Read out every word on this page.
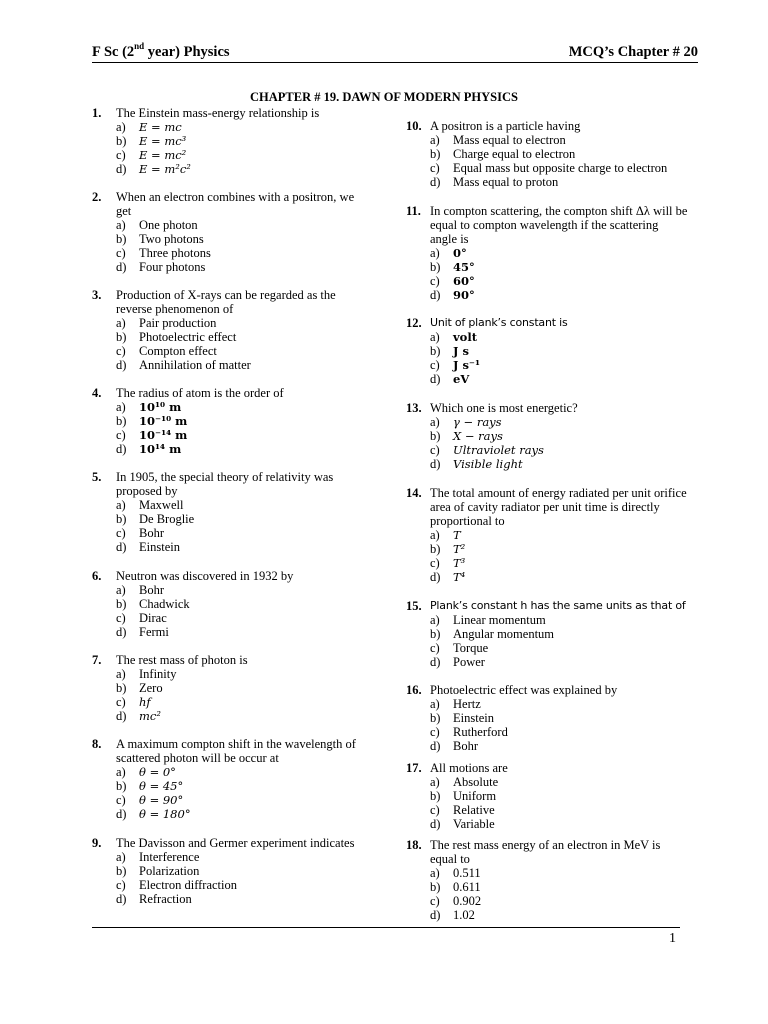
F Sc (2nd year) Physics	MCQ’s Chapter # 20
CHAPTER # 19. DAWN OF MODERN PHYSICS
1. The Einstein mass-energy relationship is
a) E = mc
b) E = mc³
c) E = mc²
d) E = m²c²
2. When an electron combines with a positron, we get
a) One photon
b) Two photons
c) Three photons
d) Four photons
3. Production of X-rays can be regarded as the reverse phenomenon of
a) Pair production
b) Photoelectric effect
c) Compton effect
d) Annihilation of matter
4. The radius of atom is the order of
a) 10¹⁰ m
b) 10⁻¹⁰ m
c) 10⁻¹⁴ m
d) 10¹⁴ m
5. In 1905, the special theory of relativity was proposed by
a) Maxwell
b) De Broglie
c) Bohr
d) Einstein
6. Neutron was discovered in 1932 by
a) Bohr
b) Chadwick
c) Dirac
d) Fermi
7. The rest mass of photon is
a) Infinity
b) Zero
c) hf
d) mc²
8. A maximum compton shift in the wavelength of scattered photon will be occur at
a) θ = 0°
b) θ = 45°
c) θ = 90°
d) θ = 180°
9. The Davisson and Germer experiment indicates
a) Interference
b) Polarization
c) Electron diffraction
d) Refraction
10. A positron is a particle having
a) Mass equal to electron
b) Charge equal to electron
c) Equal mass but opposite charge to electron
d) Mass equal to proton
11. In compton scattering, the compton shift Δλ will be equal to compton wavelength if the scattering angle is
a) 0°
b) 45°
c) 60°
d) 90°
12. Unit of plank’s constant is
a) volt
b) J s
c) J s⁻¹
d) eV
13. Which one is most energetic?
a) γ − rays
b) X − rays
c) Ultraviolet rays
d) Visible light
14. The total amount of energy radiated per unit orifice area of cavity radiator per unit time is directly proportional to
a) T
b) T²
c) T³
d) T⁴
15. Plank’s constant h has the same units as that of
a) Linear momentum
b) Angular momentum
c) Torque
d) Power
16. Photoelectric effect was explained by
a) Hertz
b) Einstein
c) Rutherford
d) Bohr
17. All motions are
a) Absolute
b) Uniform
c) Relative
d) Variable
18. The rest mass energy of an electron in MeV is equal to
a) 0.511
b) 0.611
c) 0.902
d) 1.02
1
